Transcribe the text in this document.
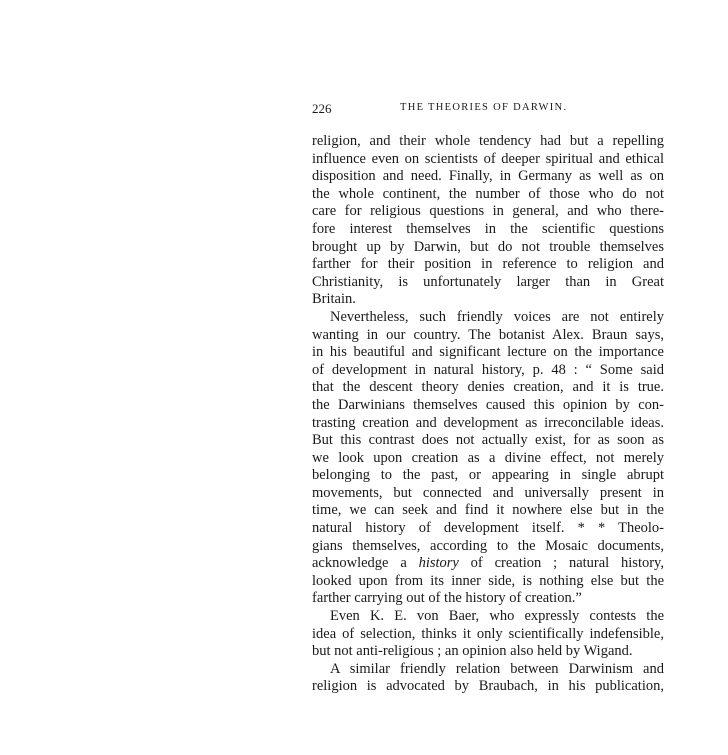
226	THE THEORIES OF DARWIN.
religion, and their whole tendency had but a repelling
influence even on scientists of deeper spiritual and ethical
disposition and need. Finally, in Germany as well as on
the whole continent, the number of those who do not
care for religious questions in general, and who there-
fore interest themselves in the scientific questions
brought up by Darwin, but do not trouble themselves
farther for their position in reference to religion and
Christianity, is unfortunately larger than in Great
Britain.
Nevertheless, such friendly voices are not entirely
wanting in our country. The botanist Alex. Braun says,
in his beautiful and significant lecture on the importance
of development in natural history, p. 48 : “ Some said
that the descent theory denies creation, and it is true.
the Darwinians themselves caused this opinion by con-
trasting creation and development as irreconcilable ideas.
But this contrast does not actually exist, for as soon as
we look upon creation as a divine effect, not merely
belonging to the past, or appearing in single abrupt
movements, but connected and universally present in
time, we can seek and find it nowhere else but in the
natural history of development itself. * * Theolo-
gians themselves, according to the Mosaic documents,
acknowledge a history of creation ; natural history,
looked upon from its inner side, is nothing else but the
farther carrying out of the history of creation.”
Even K. E. von Baer, who expressly contests the
idea of selection, thinks it only scientifically indefensible,
but not anti-religious ; an opinion also held by Wigand.
A similar friendly relation between Darwinism and
religion is advocated by Braubach, in his publication,
